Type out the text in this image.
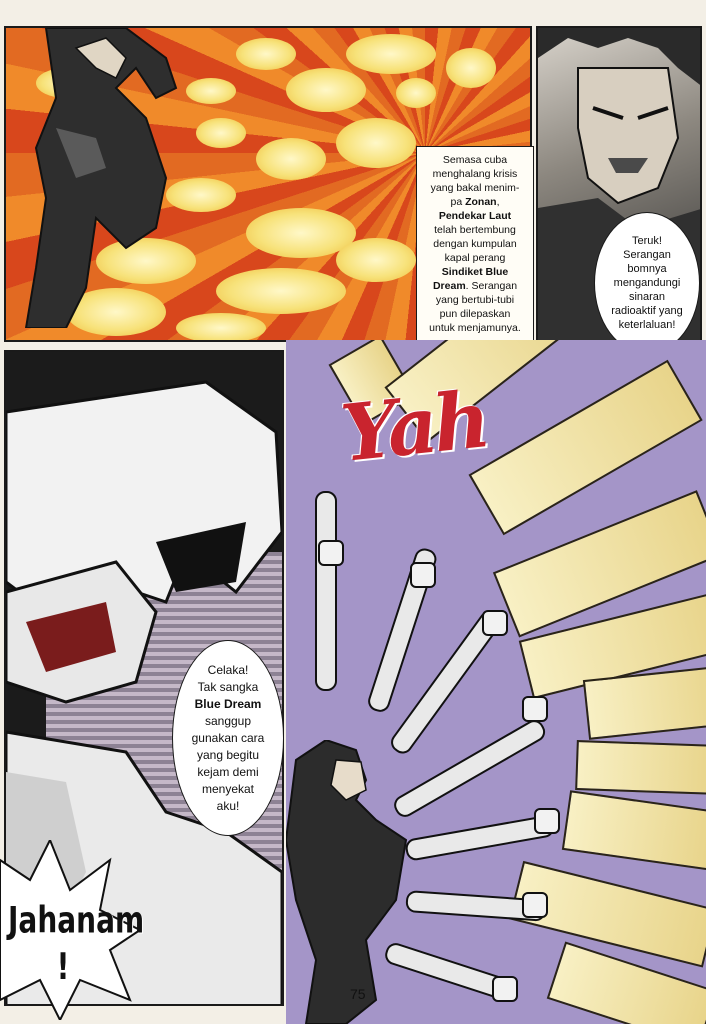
Semasa cuba
menghalang krisis
yang bakal menim-
pa Zonan,
Pendekar Laut
telah bertembung
dengan kumpulan
kapal perang
Sindiket Blue
Dream. Serangan
yang bertubi-tubi
pun dilepaskan
untuk menjamunya.
Teruk!
Serangan
bomnya
mengandungi
sinaran
radioaktif yang
keterlaluan!
Celaka!
Tak sangka
Blue Dream
sanggup
gunakan cara
yang begitu
kejam demi
menyekat
aku!
Jahanam
!
Yah
75
